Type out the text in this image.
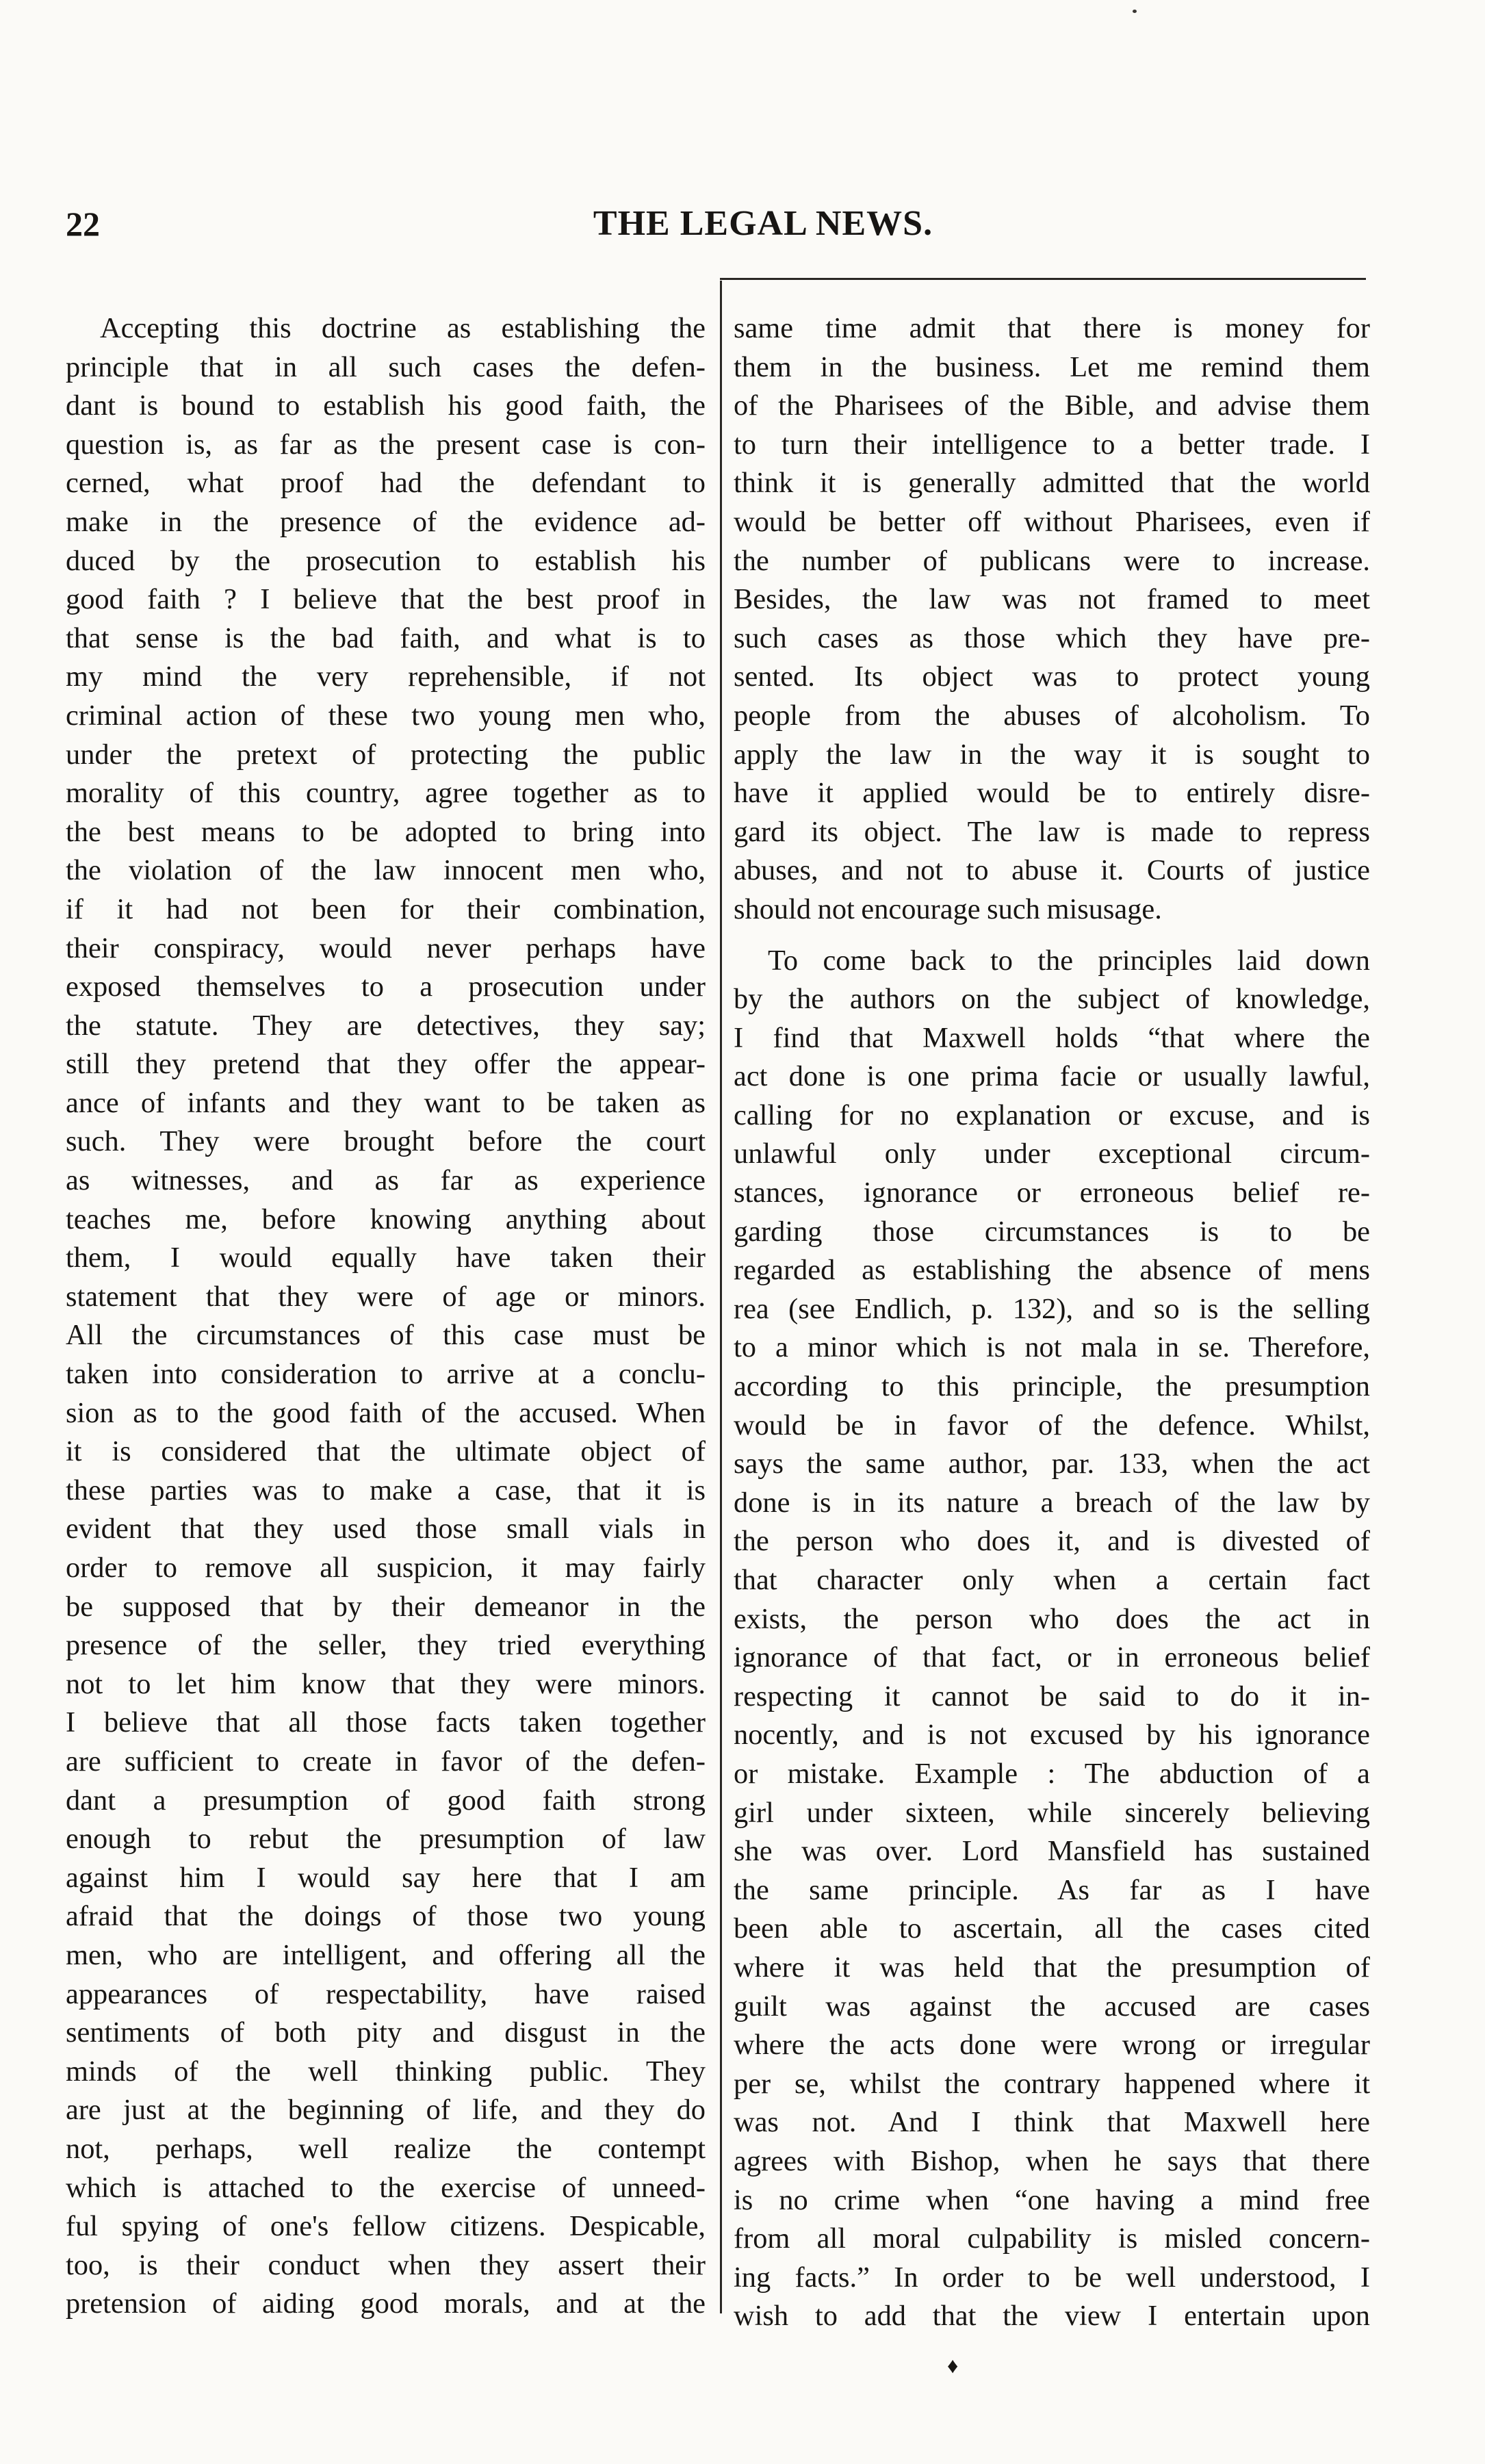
22	THE LEGAL NEWS.

Accepting this doctrine as establishing the

principle that in all such cases the defen-

dant is bound to establish his good faith, the

question is, as far as the present case is con-

cerned, what proof had the defendant to

make in the presence of the evidence ad-

duced by the prosecution to establish his

good faith ? I believe that the best proof in

that sense is the bad faith, and what is to

my mind the very reprehensible, if not

criminal action of these two young men who,

under the pretext of protecting the public

morality of this country, agree together as to

the best means to be adopted to bring into

the violation of the law innocent men who,

if it had not been for their combination,

their conspiracy, would never perhaps have

exposed themselves to a prosecution under

the statute. They are detectives, they say;

still they pretend that they offer the appear-

ance of infants and they want to be taken as

such. They were brought before the court

as witnesses, and as far as experience

teaches me, before knowing anything about

them, I would equally have taken their

statement that they were of age or minors.

All the circumstances of this case must be

taken into consideration to arrive at a conclu-

sion as to the good faith of the accused. When

it is considered that the ultimate object of

these parties was to make a case, that it is

evident that they used those small vials in

order to remove all suspicion, it may fairly

be supposed that by their demeanor in the

presence of the seller, they tried everything

not to let him know that they were minors.

I believe that all those facts taken together

are sufficient to create in favor of the defen-

dant a presumption of good faith strong

enough to rebut the presumption of law

against him I would say here that I am

afraid that the doings of those two young

men, who are intelligent, and offering all the

appearances of respectability, have raised

sentiments of both pity and disgust in the

minds of the well thinking public. They

are just at the beginning of life, and they do

not, perhaps, well realize the contempt

which is attached to the exercise of unneed-

ful spying of one's fellow citizens. Despicable,

too, is their conduct when they assert their

pretension of aiding good morals, and at the

same time admit that there is money for

them in the business. Let me remind them

of the Pharisees of the Bible, and advise them

to turn their intelligence to a better trade. I

think it is generally admitted that the world

would be better off without Pharisees, even if

the number of publicans were to increase.

Besides, the law was not framed to meet

such cases as those which they have pre-

sented. Its object was to protect young

people from the abuses of alcoholism. To

apply the law in the way it is sought to

have it applied would be to entirely disre-

gard its object. The law is made to repress

abuses, and not to abuse it. Courts of justice

should not encourage such misusage.

To come back to the principles laid down

by the authors on the subject of knowledge,

I find that Maxwell holds “that where the

act done is one prima facie or usually lawful,

calling for no explanation or excuse, and is

unlawful only under exceptional circum-

stances, ignorance or erroneous belief re-

garding those circumstances is to be

regarded as establishing the absence of mens

rea (see Endlich, p. 132), and so is the selling

to a minor which is not mala in se. Therefore,

according to this principle, the presumption

would be in favor of the defence. Whilst,

says the same author, par. 133, when the act

done is in its nature a breach of the law by

the person who does it, and is divested of

that character only when a certain fact

exists, the person who does the act in

ignorance of that fact, or in erroneous belief

respecting it cannot be said to do it in-

nocently, and is not excused by his ignorance

or mistake. Example : The abduction of a

girl under sixteen, while sincerely believing

she was over. Lord Mansfield has sustained

the same principle. As far as I have

been able to ascertain, all the cases cited

where it was held that the presumption of

guilt was against the accused are cases

where the acts done were wrong or irregular

per se, whilst the contrary happened where it

was not. And I think that Maxwell here

agrees with Bishop, when he says that there

is no crime when “one having a mind free

from all moral culpability is misled concern-

ing facts.” In order to be well understood, I

wish to add that the view I entertain upon

♦
